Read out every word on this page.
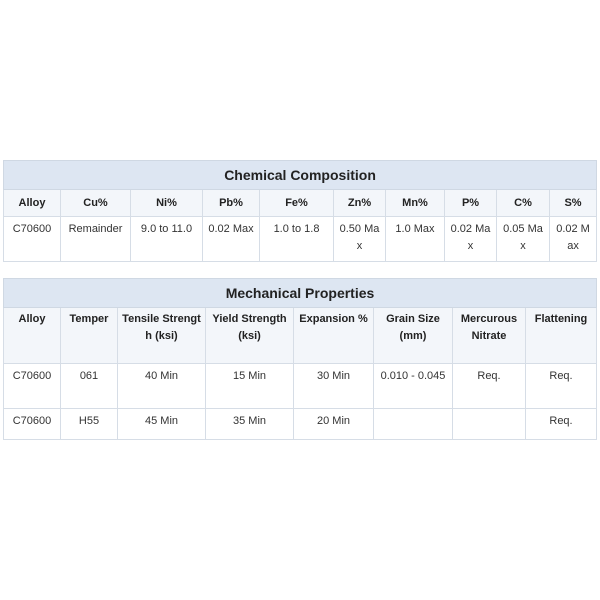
Chemical Composition									
Alloy	Cu%	Ni%	Pb%	Fe%	Zn%	Mn%	P%	C%	S%
C70600	Remainder	9.0 to 11.0	0.02 Max	1.0 to 1.8	0.50 Max	1.0 Max	0.02 Max	0.05 Max	0.02 Max
Mechanical Properties							
Alloy	Temper	Tensile Strength (ksi)	Yield Strength (ksi)	Expansion %	Grain Size (mm)	Mercurous Nitrate	Flattening
C70600	061	40 Min	15 Min	30 Min	0.010 - 0.045	Req.	Req.

C70600	H55	45 Min	35 Min	20 Min			Req.
